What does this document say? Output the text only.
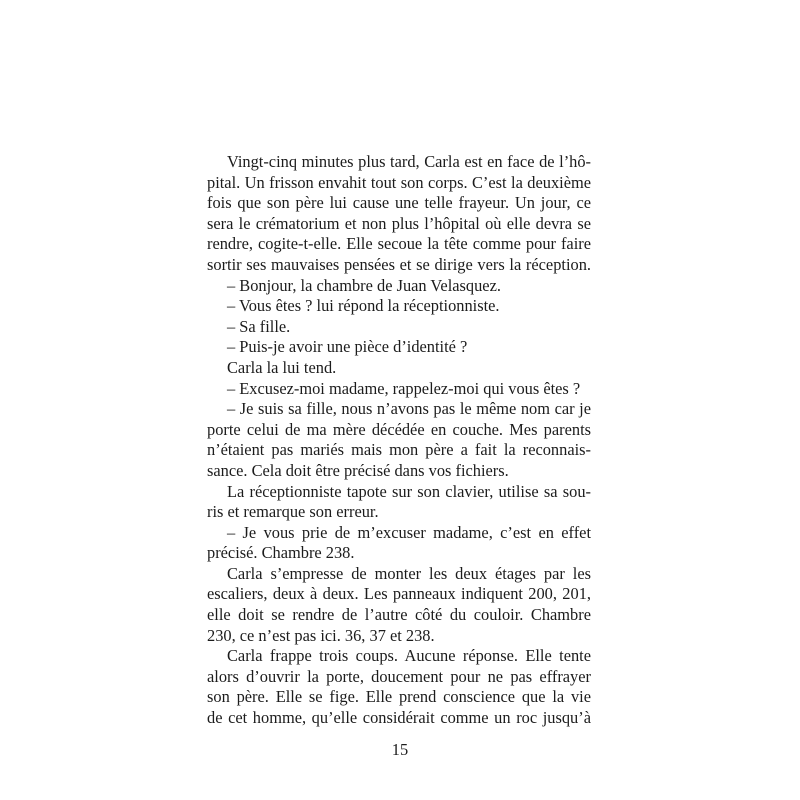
Vingt-cinq minutes plus tard, Carla est en face de l’hô-
pital. Un frisson envahit tout son corps. C’est la deuxième
fois que son père lui cause une telle frayeur. Un jour, ce
sera le crématorium et non plus l’hôpital où elle devra se
rendre, cogite-t-elle. Elle secoue la tête comme pour faire
sortir ses mauvaises pensées et se dirige vers la réception.
– Bonjour, la chambre de Juan Velasquez.
– Vous êtes ? lui répond la réceptionniste.
– Sa fille.
– Puis-je avoir une pièce d’identité ?
Carla la lui tend.
– Excusez-moi madame, rappelez-moi qui vous êtes ?
– Je suis sa fille, nous n’avons pas le même nom car je
porte celui de ma mère décédée en couche. Mes parents
n’étaient pas mariés mais mon père a fait la reconnais-
sance. Cela doit être précisé dans vos fichiers.
La réceptionniste tapote sur son clavier, utilise sa sou-
ris et remarque son erreur.
– Je vous prie de m’excuser madame, c’est en effet
précisé. Chambre 238.
Carla s’empresse de monter les deux étages par les
escaliers, deux à deux. Les panneaux indiquent 200, 201,
elle doit se rendre de l’autre côté du couloir. Chambre
230, ce n’est pas ici. 36, 37 et 238.
Carla frappe trois coups. Aucune réponse. Elle tente
alors d’ouvrir la porte, doucement pour ne pas effrayer
son père. Elle se fige. Elle prend conscience que la vie
de cet homme, qu’elle considérait comme un roc jusqu’à
15
